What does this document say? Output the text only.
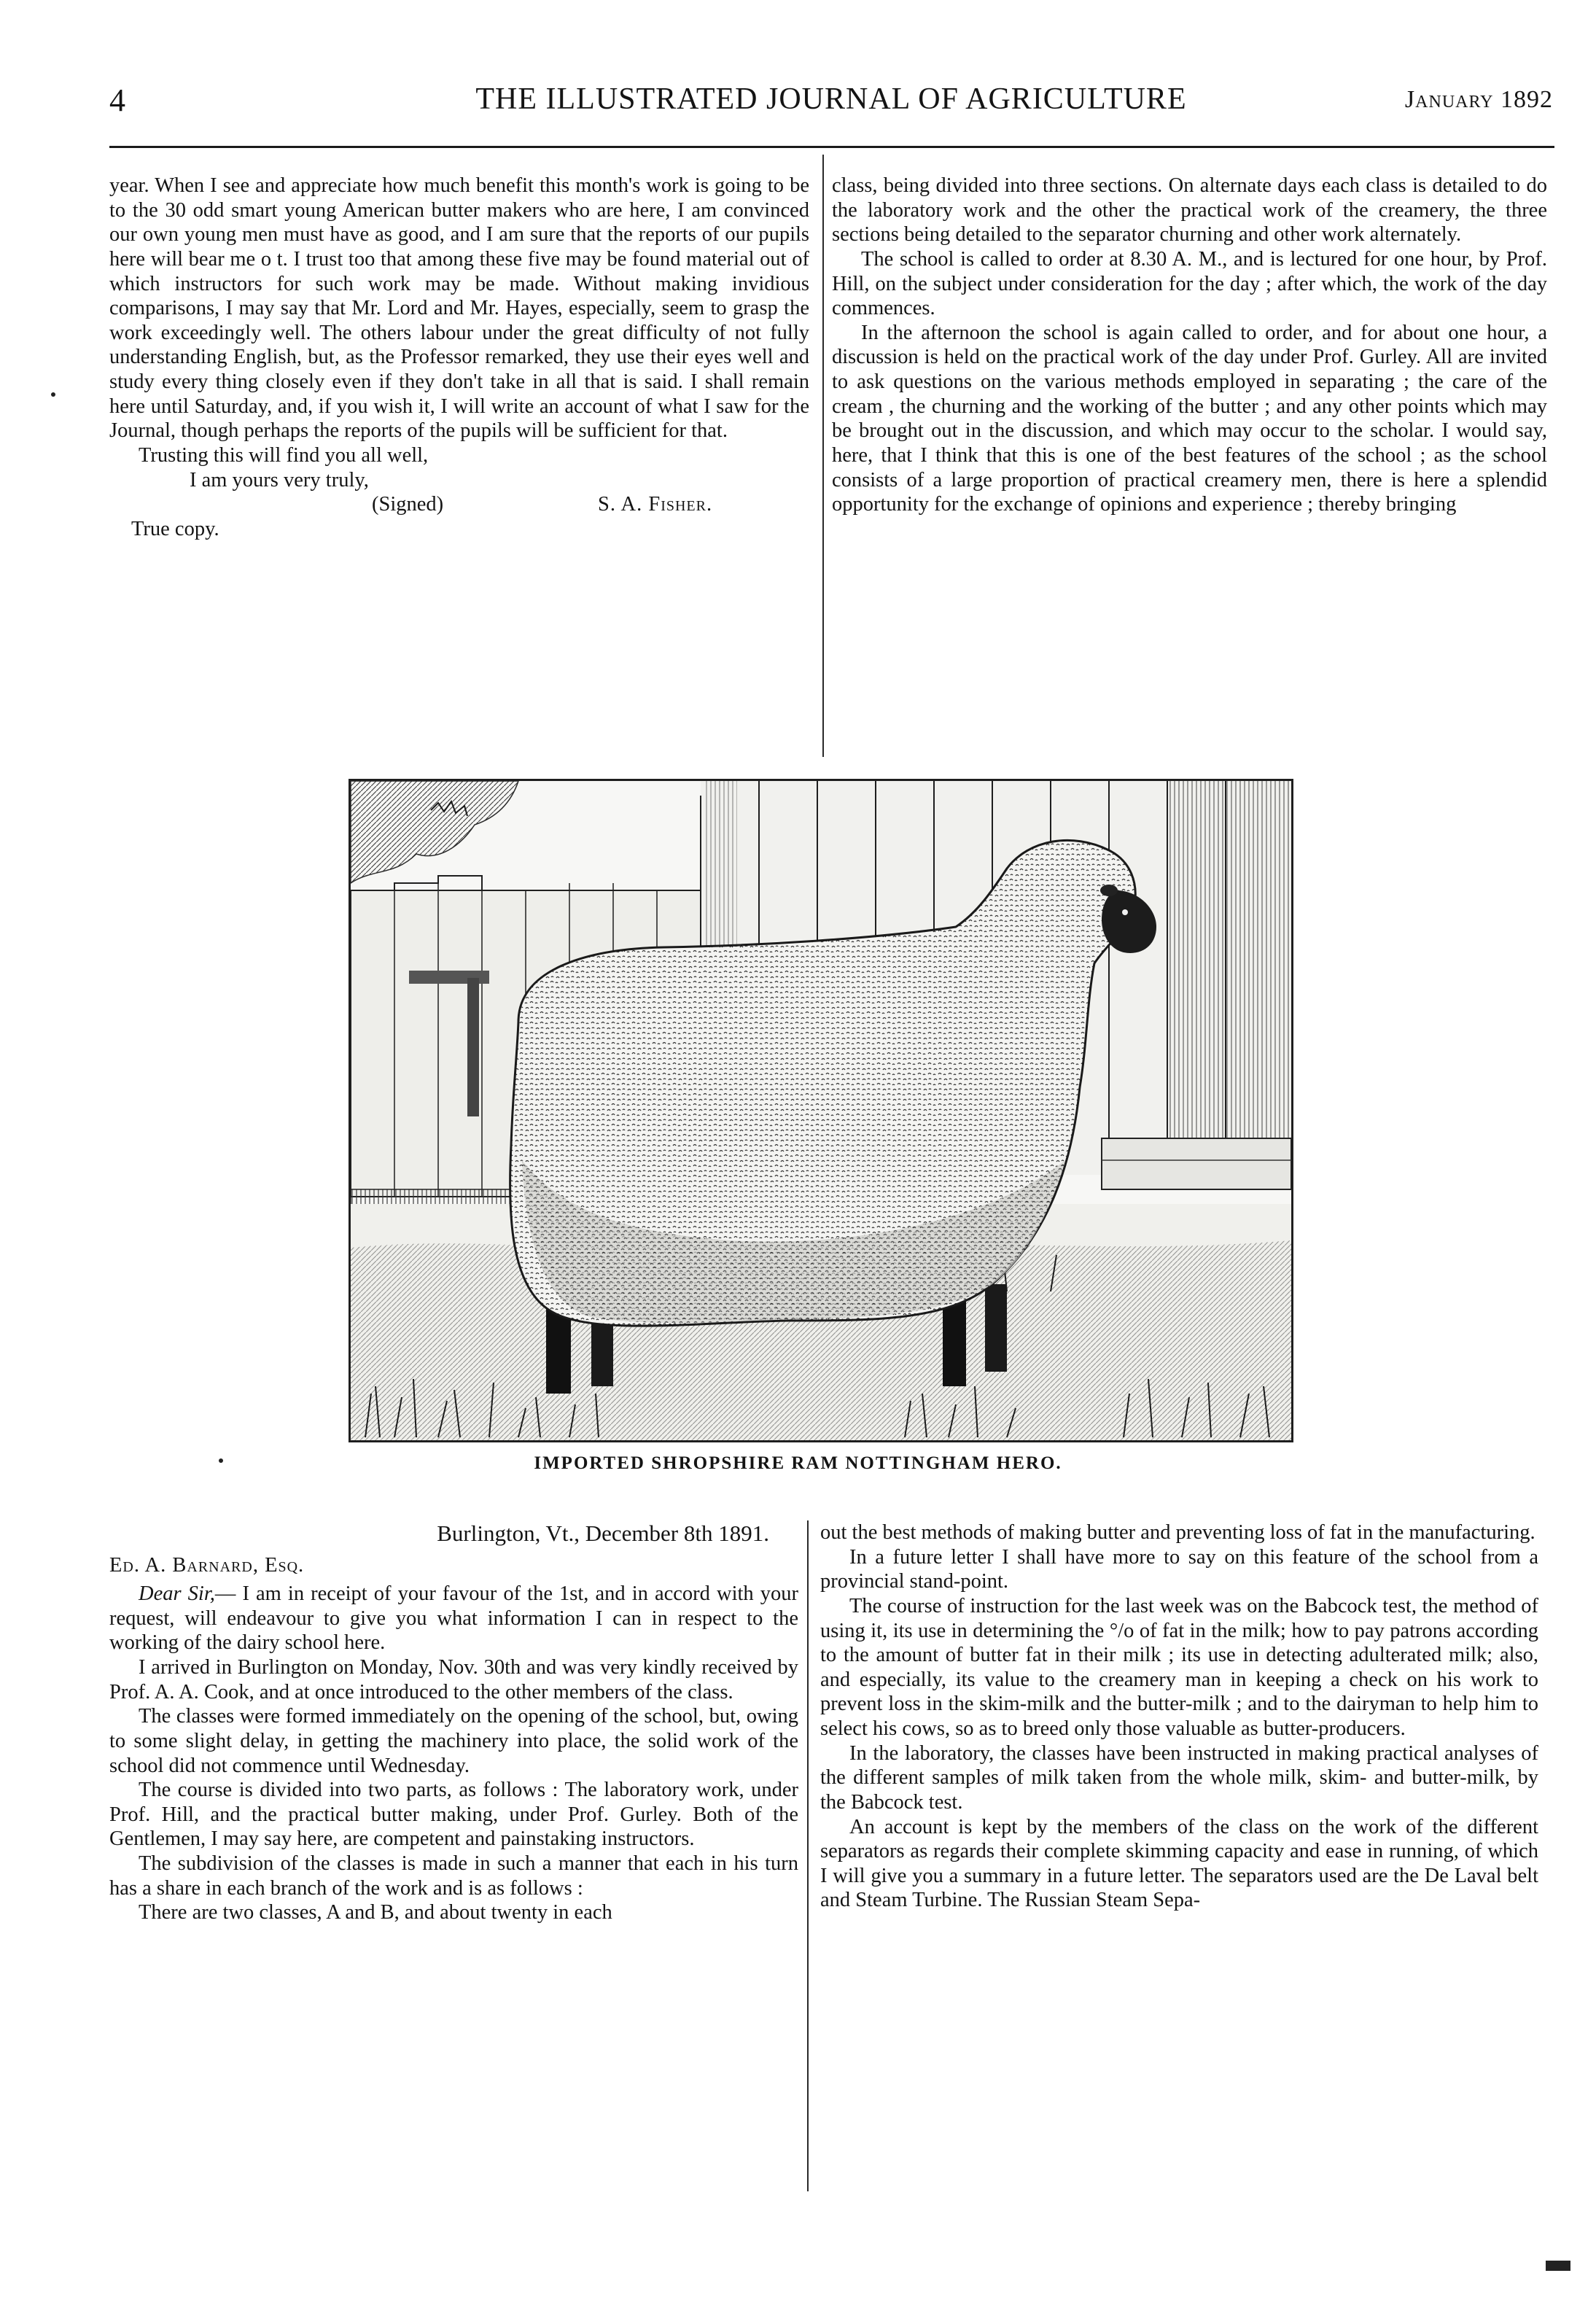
4	THE ILLUSTRATED JOURNAL OF AGRICULTURE	January 1892

year. When I see and appreciate how much benefit this month's work is going to be to the 30 odd smart young American butter makers who are here, I am convinced our own young men must have as good, and I am sure that the reports of our pupils here will bear me o t. I trust too that among these five may be found material out of which instructors for such work may be made. Without making invidious comparisons, I may say that Mr. Lord and Mr. Hayes, especially, seem to grasp the work exceedingly well. The others labour under the great difficulty of not fully understanding English, but, as the Professor remarked, they use their eyes well and study every thing closely even if they don't take in all that is said. I shall remain here until Saturday, and, if you wish it, I will write an account of what I saw for the Journal, though perhaps the reports of the pupils will be sufficient for that.

Trusting this will find you all well,

I am yours very truly,

(Signed)	S. A. Fisher.
True copy.

class, being divided into three sections. On alternate days each class is detailed to do the laboratory work and the other the practical work of the creamery, the three sections being detailed to the separator churning and other work alternately.

The school is called to order at 8.30 A. M., and is lectured for one hour, by Prof. Hill, on the subject under consideration for the day ; after which, the work of the day commences.

In the afternoon the school is again called to order, and for about one hour, a discussion is held on the practical work of the day under Prof. Gurley. All are invited to ask questions on the various methods employed in separating ; the care of the cream , the churning and the working of the butter ; and any other points which may be brought out in the discussion, and which may occur to the scholar. I would say, here, that I think that this is one of the best features of the school ; as the school consists of a large proportion of practical creamery men, there is here a splendid opportunity for the exchange of opinions and experience ; thereby bringing

IMPORTED SHROPSHIRE RAM NOTTINGHAM HERO.

Burlington, Vt., December 8th 1891.

Ed. A. Barnard, Esq.

Dear Sir,— I am in receipt of your favour of the 1st, and in accord with your request, will endeavour to give you what information I can in respect to the working of the dairy school here.

I arrived in Burlington on Monday, Nov. 30th and was very kindly received by Prof. A. A. Cook, and at once introduced to the other members of the class.

The classes were formed immediately on the opening of the school, but, owing to some slight delay, in getting the machinery into place, the solid work of the school did not commence until Wednesday.

The course is divided into two parts, as follows : The laboratory work, under Prof. Hill, and the practical butter making, under Prof. Gurley. Both of the Gentlemen, I may say here, are competent and painstaking instructors.

The subdivision of the classes is made in such a manner that each in his turn has a share in each branch of the work and is as follows :

There are two classes, A and B, and about twenty in each

out the best methods of making butter and preventing loss of fat in the manufacturing.

In a future letter I shall have more to say on this feature of the school from a provincial stand-point.

The course of instruction for the last week was on the Babcock test, the method of using it, its use in determining the °/o of fat in the milk; how to pay patrons according to the amount of butter fat in their milk ; its use in detecting adulterated milk; also, and especially, its value to the creamery man in keeping a check on his work to prevent loss in the skim-milk and the butter-milk ; and to the dairyman to help him to select his cows, so as to breed only those valuable as butter-producers.

In the laboratory, the classes have been instructed in making practical analyses of the different samples of milk taken from the whole milk, skim- and butter-milk, by the Babcock test.

An account is kept by the members of the class on the work of the different separators as regards their complete skimming capacity and ease in running, of which I will give you a summary in a future letter. The separators used are the De Laval belt and Steam Turbine. The Russian Steam Sepa-
